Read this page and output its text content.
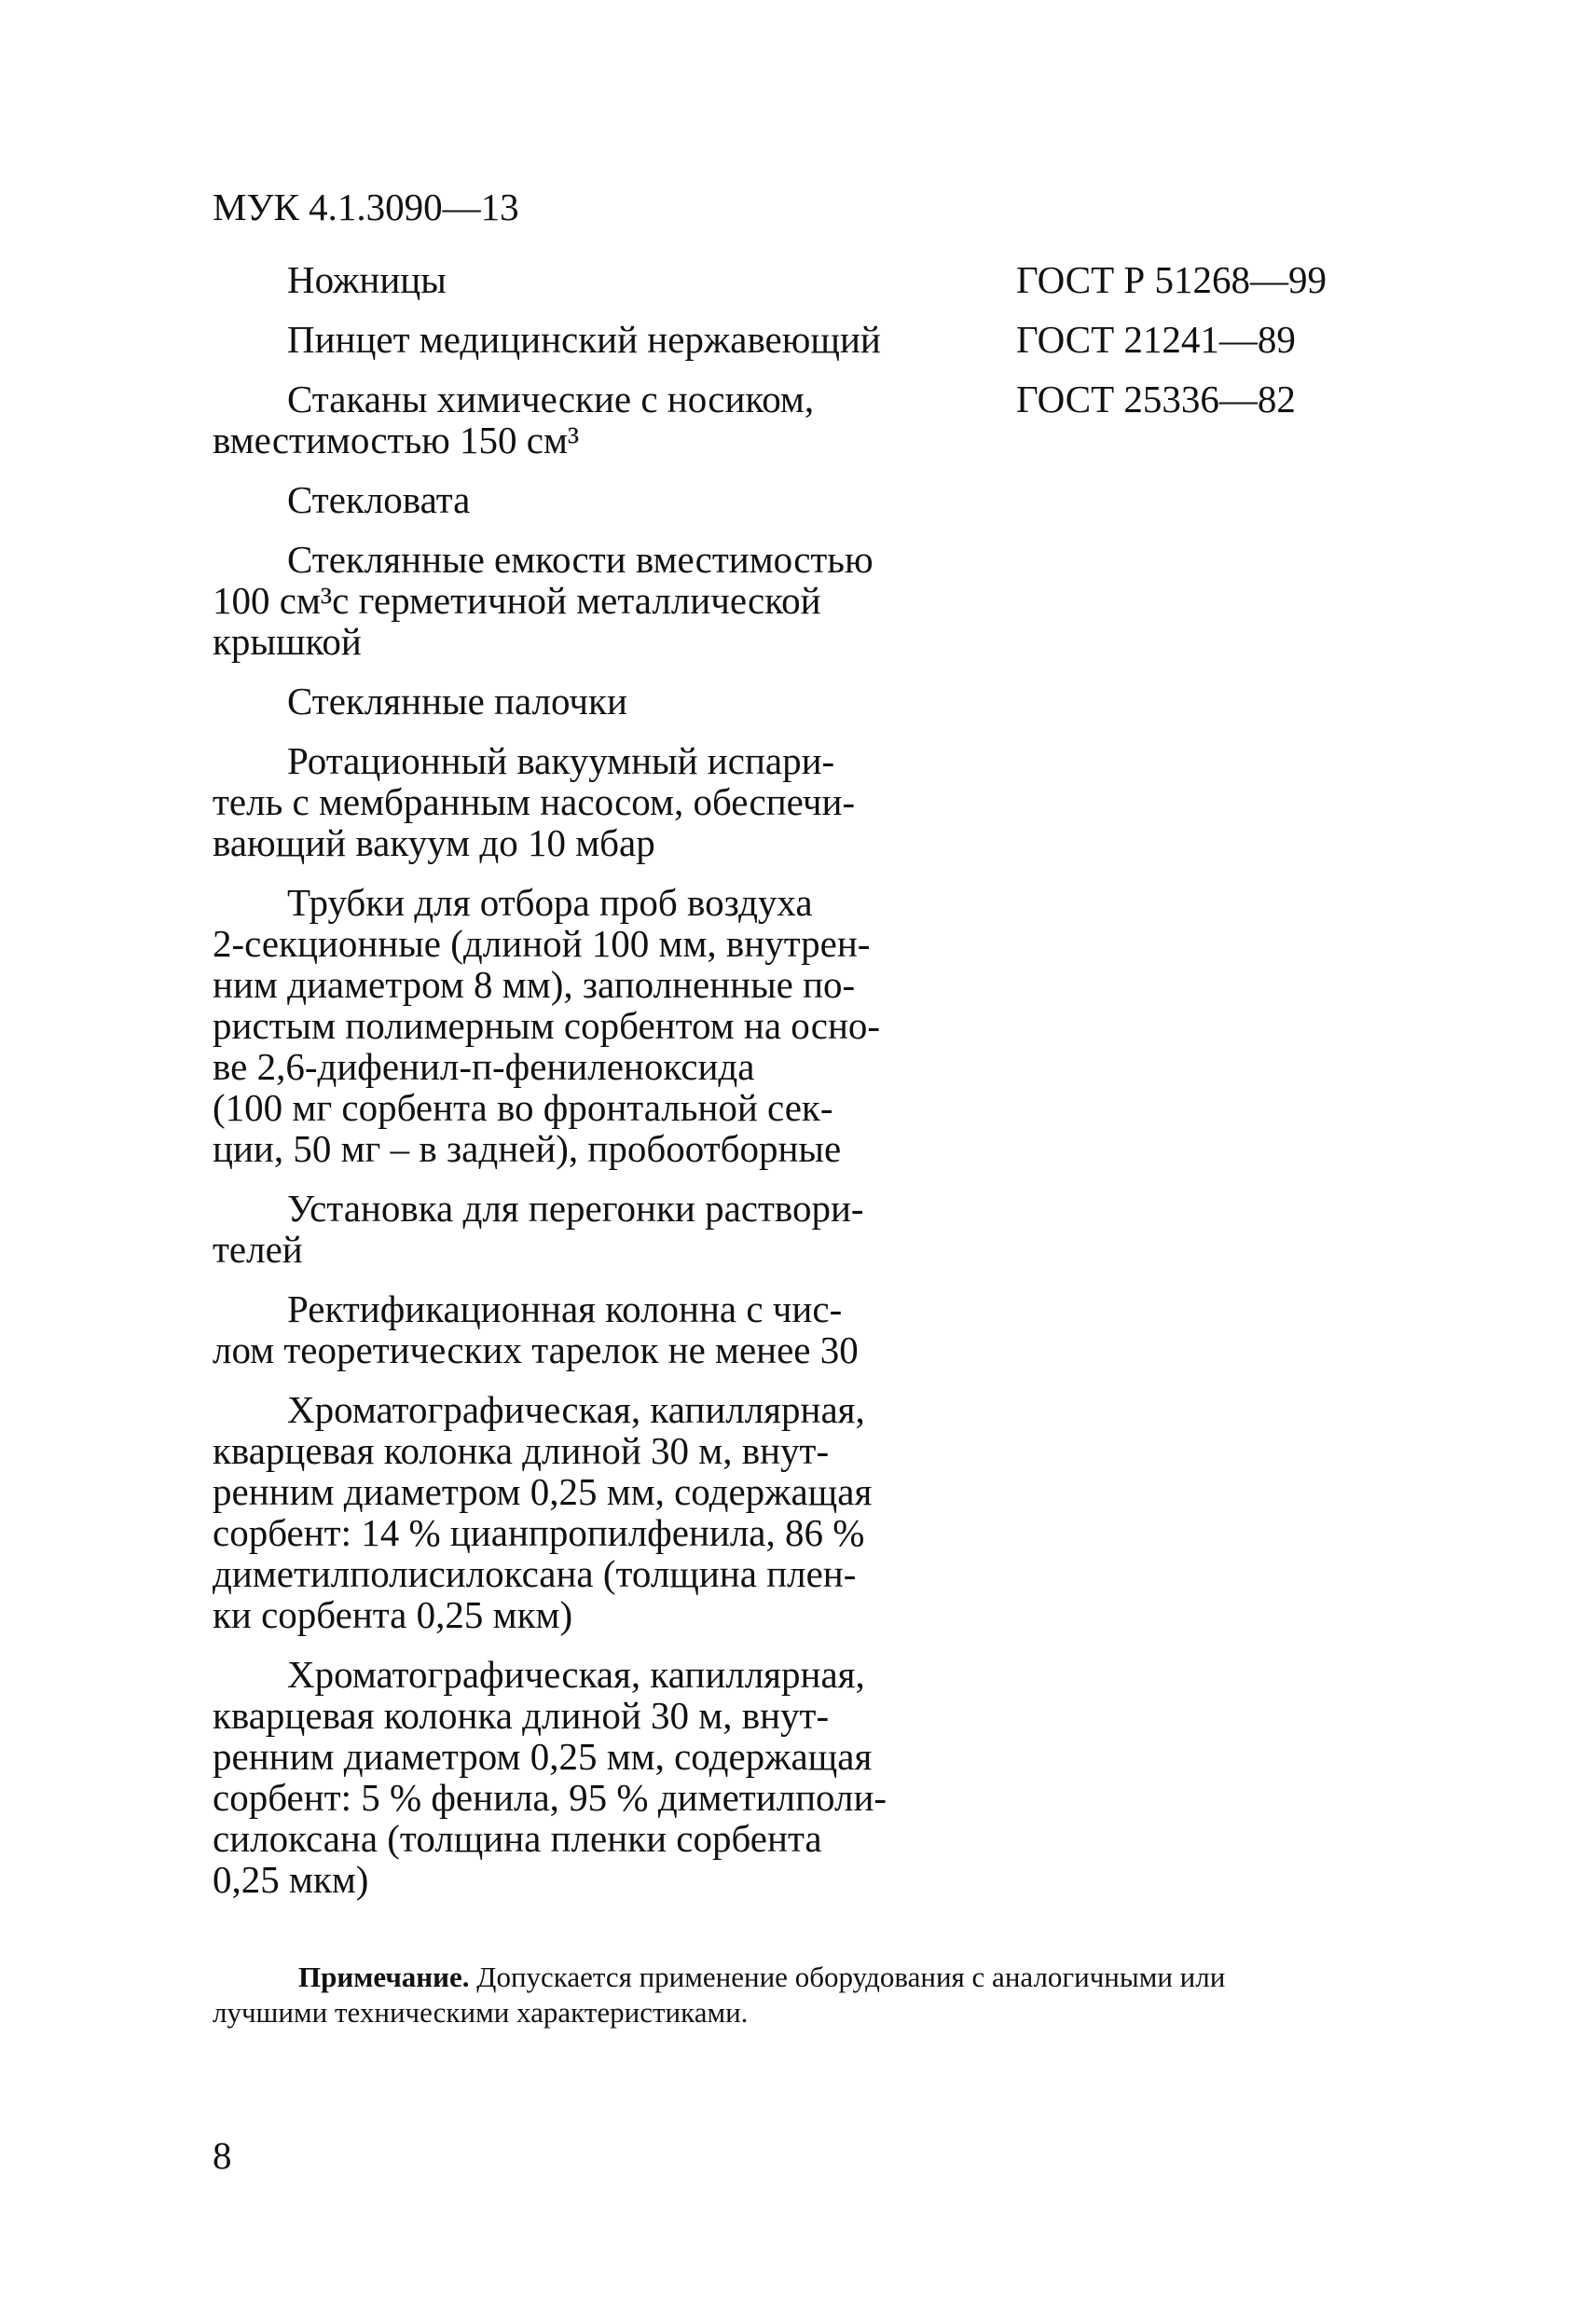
МУК 4.1.3090—13
Ножницы	ГОСТ Р 51268—99
Пинцет медицинский нержавеющий	ГОСТ 21241—89
Стаканы химические с носиком,
вместимостью 150 см³
ГОСТ 25336—82
Стекловата
Стеклянные емкости вместимостью
100 см³с герметичной металлической
крышкой
Стеклянные палочки
Ротационный вакуумный испари-
тель с мембранным насосом, обеспечи-
вающий вакуум до 10 мбар
Трубки для отбора проб воздуха
2-секционные (длиной 100 мм, внутрен-
ним диаметром 8 мм), заполненные по-
ристым полимерным сорбентом на осно-
ве 2,6-дифенил-п-фениленоксида
(100 мг сорбента во фронтальной сек-
ции, 50 мг – в задней), пробоотборные
Установка для перегонки раствори-
телей
Ректификационная колонна с чис-
лом теоретических тарелок не менее 30
Хроматографическая, капиллярная,
кварцевая колонка длиной 30 м, внут-
ренним диаметром 0,25 мм, содержащая
сорбент: 14 % цианпропилфенила, 86 %
диметилполисилоксана (толщина плен-
ки сорбента 0,25 мкм)
Хроматографическая, капиллярная,
кварцевая колонка длиной 30 м, внут-
ренним диаметром 0,25 мм, содержащая
сорбент: 5 % фенила, 95 % диметилполи-
силоксана (толщина пленки сорбента
0,25 мкм)
Примечание. Допускается применение оборудования с аналогичными или
лучшими техническими характеристиками.
8
